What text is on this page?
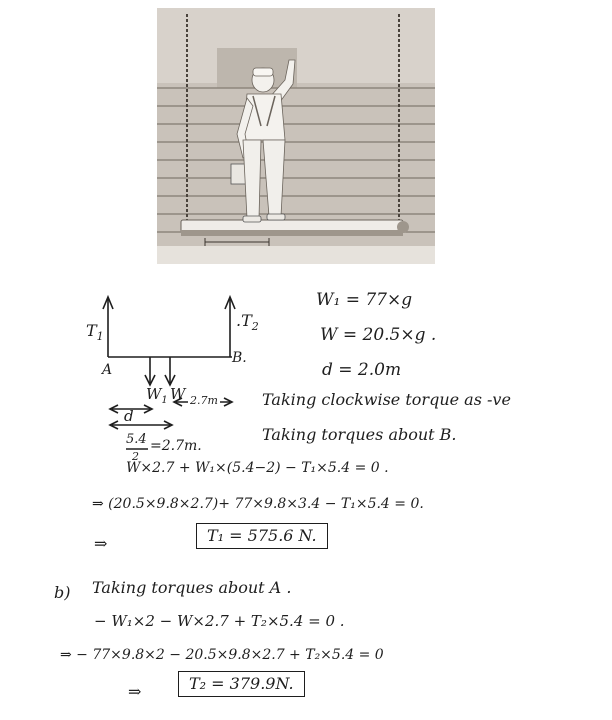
$T_1$
$.T_2$
A
B.
$W_1$ W 2.7m
d
5.4
2
=2.7m.
W₁ = 77×g
W = 20.5×g .
d = 2.0m
Taking clockwise torque as -ve
Taking torques about B.
W×2.7 + W₁×(5.4−2) − T₁×5.4 = 0 .
⇒ (20.5×9.8×2.7)+ 77×9.8×3.4 − T₁×5.4 = 0.
⇒	T₁ = 575.6 N.
b) Taking torques about A .
− W₁×2 − W×2.7 + T₂×5.4 = 0 .
⇒ − 77×9.8×2 − 20.5×9.8×2.7 + T₂×5.4 = 0
⇒	T₂ = 379.9N.
